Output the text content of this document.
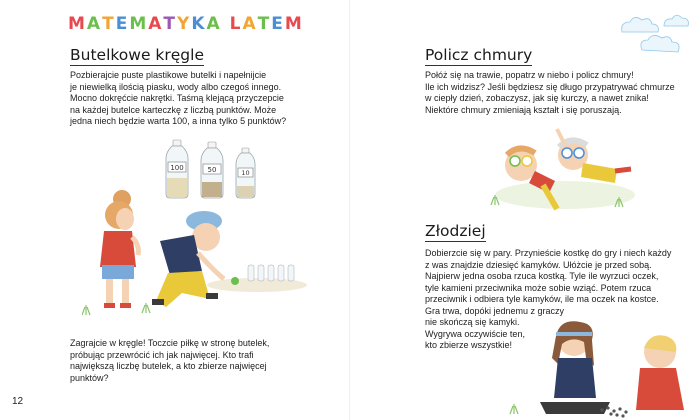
MATEMATYKA LATEM
Butelkowe kręgle
Pozbierajcie puste plastikowe butelki i napełnijcie
je niewielką ilością piasku, wody albo czegoś innego.
Mocno dokręćcie nakrętki. Taśmą klejącą przyczepcie
na każdej butelce karteczkę z liczbą punktów. Może
jedna niech będzie warta 100, a inna tylko 5 punktów?
100	50	10
Zagrajcie w kręgle! Toczcie piłkę w stronę butelek,
próbując przewrócić ich jak najwięcej. Kto trafi
największą liczbę butelek, a kto zbierze najwięcej
punktów?
12
Policz chmury
Połóż się na trawie, popatrz w niebo i policz chmury!
Ile ich widzisz? Jeśli będziesz się długo przypatrywać chmurze
w ciepły dzień, zobaczysz, jak się kurczy, a nawet znika!
Niektóre chmury zmieniają kształt i się poruszają.
Złodziej
Dobierzcie się w pary. Przynieście kostkę do gry i niech każdy
z was znajdzie dziesięć kamyków. Ułóżcie je przed sobą.
Najpierw jedna osoba rzuca kostką. Tyle ile wyrzuci oczek,
tyle kamieni przeciwnika może sobie wziąć. Potem rzuca
przeciwnik i odbiera tyle kamyków, ile ma oczek na kostce.
Gra trwa, dopóki jednemu z graczy
nie skończą się kamyki.
Wygrywa oczywiście ten,
kto zbierze wszystkie!
